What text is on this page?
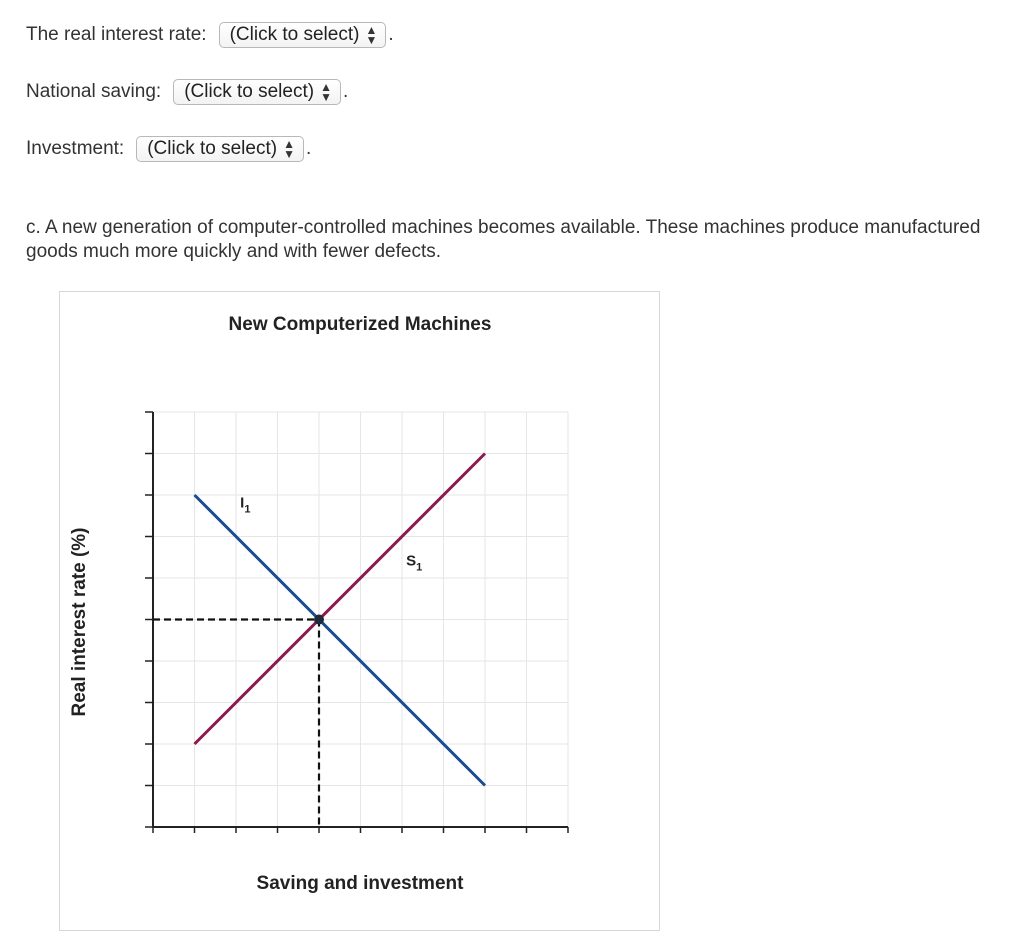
The real interest rate: (Click to select) ▲
▼ .
National saving: (Click to select) ▲
▼ .
Investment: (Click to select) ▲
▼ .
c. A new generation of computer-controlled machines becomes available. These machines produce manufactured goods much more quickly and with fewer defects.
New Computerized Machines
$I_1$
$S_1$
Saving and investment
Real interest rate (%)
